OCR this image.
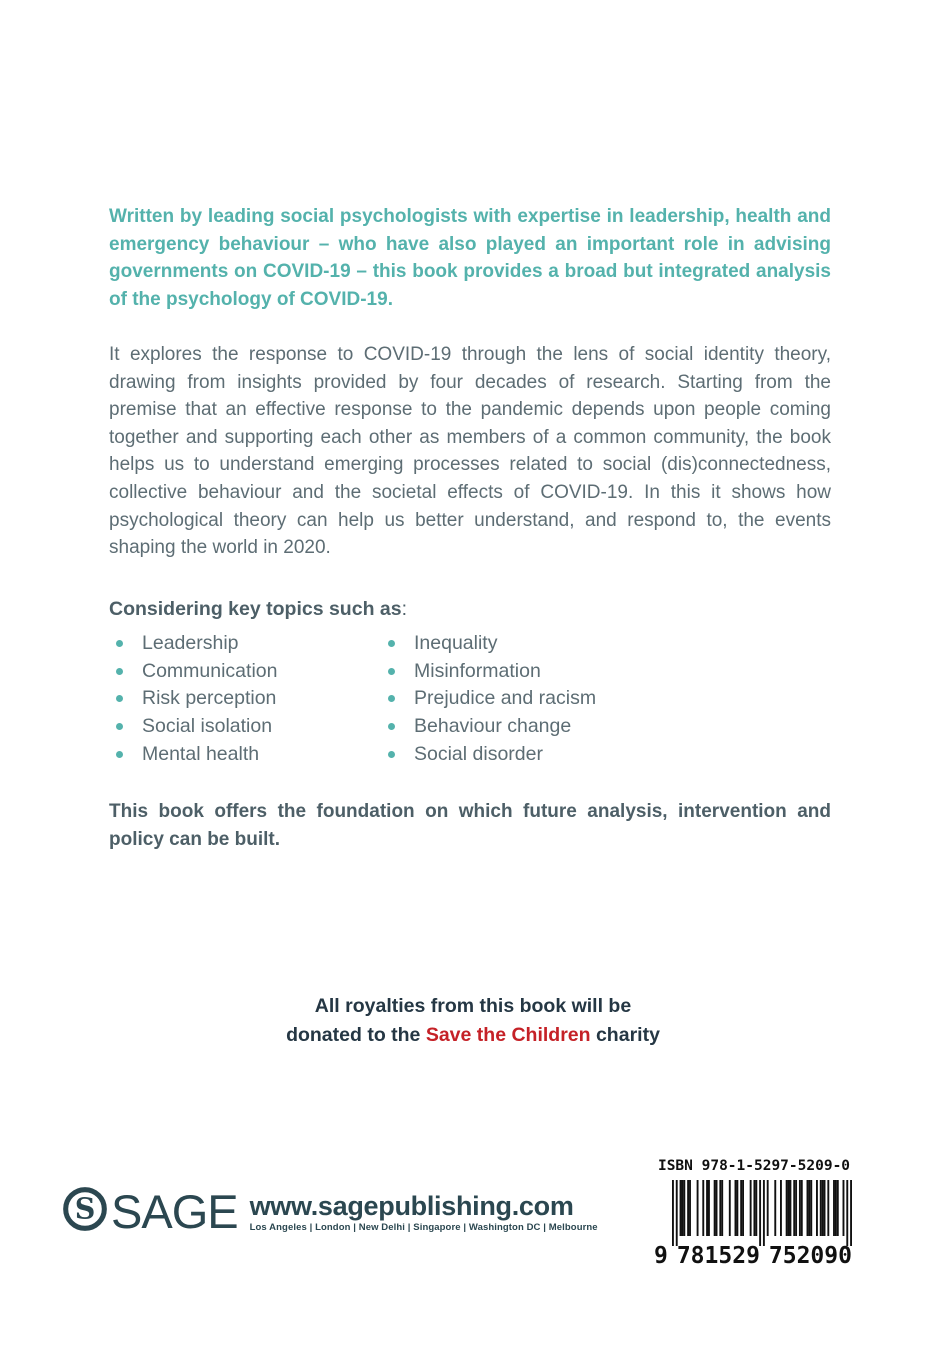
Written by leading social psychologists with expertise in leadership, health and emergency behaviour – who have also played an important role in advising governments on COVID-19 – this book provides a broad but integrated analysis of the psychology of COVID-19.

It explores the response to COVID-19 through the lens of social identity theory, drawing from insights provided by four decades of research. Starting from the premise that an effective response to the pandemic depends upon people coming together and supporting each other as members of a common community, the book helps us to understand emerging processes related to social (dis)connectedness, collective behaviour and the societal effects of COVID-19. In this it shows how psychological theory can help us better understand, and respond to, the events shaping the world in 2020.

Considering key topics such as:
Leadership
Communication
Risk perception
Social isolation
Mental health
Inequality
Misinformation
Prejudice and racism
Behaviour change
Social disorder

This book offers the foundation on which future analysis, intervention and policy can be built.

All royalties from this book will be
donated to the Save the Children charity
S SAGE www.sagepublishing.com
Los Angeles | London | New Delhi | Singapore | Washington DC | Melbourne
ISBN 978-1-5297-5209-0
9 781529 752090
